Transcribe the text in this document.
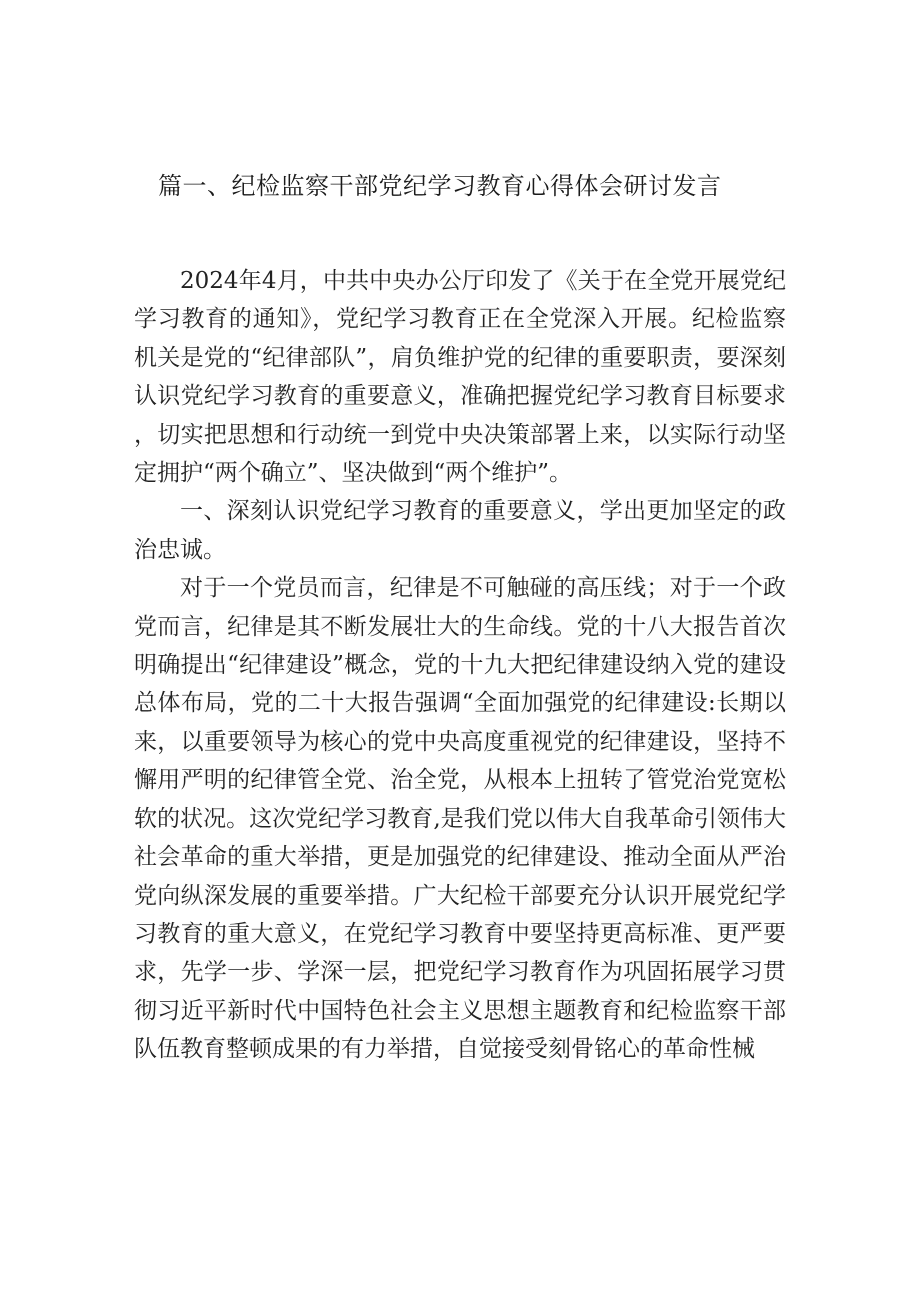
篇一、纪检监察干部党纪学习教育心得体会研讨发言

2024年4月，中共中央办公厅印发了《关于在全党开展党纪学习教育的通知》，党纪学习教育正在全党深入开展。纪检监察机关是党的“纪律部队”，肩负维护党的纪律的重要职责，要深刻认识党纪学习教育的重要意义，准确把握党纪学习教育目标要求，切实把思想和行动统一到党中央决策部署上来，以实际行动坚定拥护“两个确立”、坚决做到“两个维护”。

一、深刻认识党纪学习教育的重要意义，学出更加坚定的政治忠诚。

对于一个党员而言，纪律是不可触碰的高压线；对于一个政党而言，纪律是其不断发展壮大的生命线。党的十八大报告首次明确提出“纪律建设”概念，党的十九大把纪律建设纳入党的建设总体布局，党的二十大报告强调“全面加强党的纪律建设:长期以来，以重要领导为核心的党中央高度重视党的纪律建设，坚持不懈用严明的纪律管全党、治全党，从根本上扭转了管党治党宽松软的状况。这次党纪学习教育,是我们党以伟大自我革命引领伟大社会革命的重大举措，更是加强党的纪律建设、推动全面从严治党向纵深发展的重要举措。广大纪检干部要充分认识开展党纪学习教育的重大意义，在党纪学习教育中要坚持更高标准、更严要求，先学一步、学深一层，把党纪学习教育作为巩固拓展学习贯彻习近平新时代中国特色社会主义思想主题教育和纪检监察干部队伍教育整顿成果的有力举措，自觉接受刻骨铭心的革命性械
